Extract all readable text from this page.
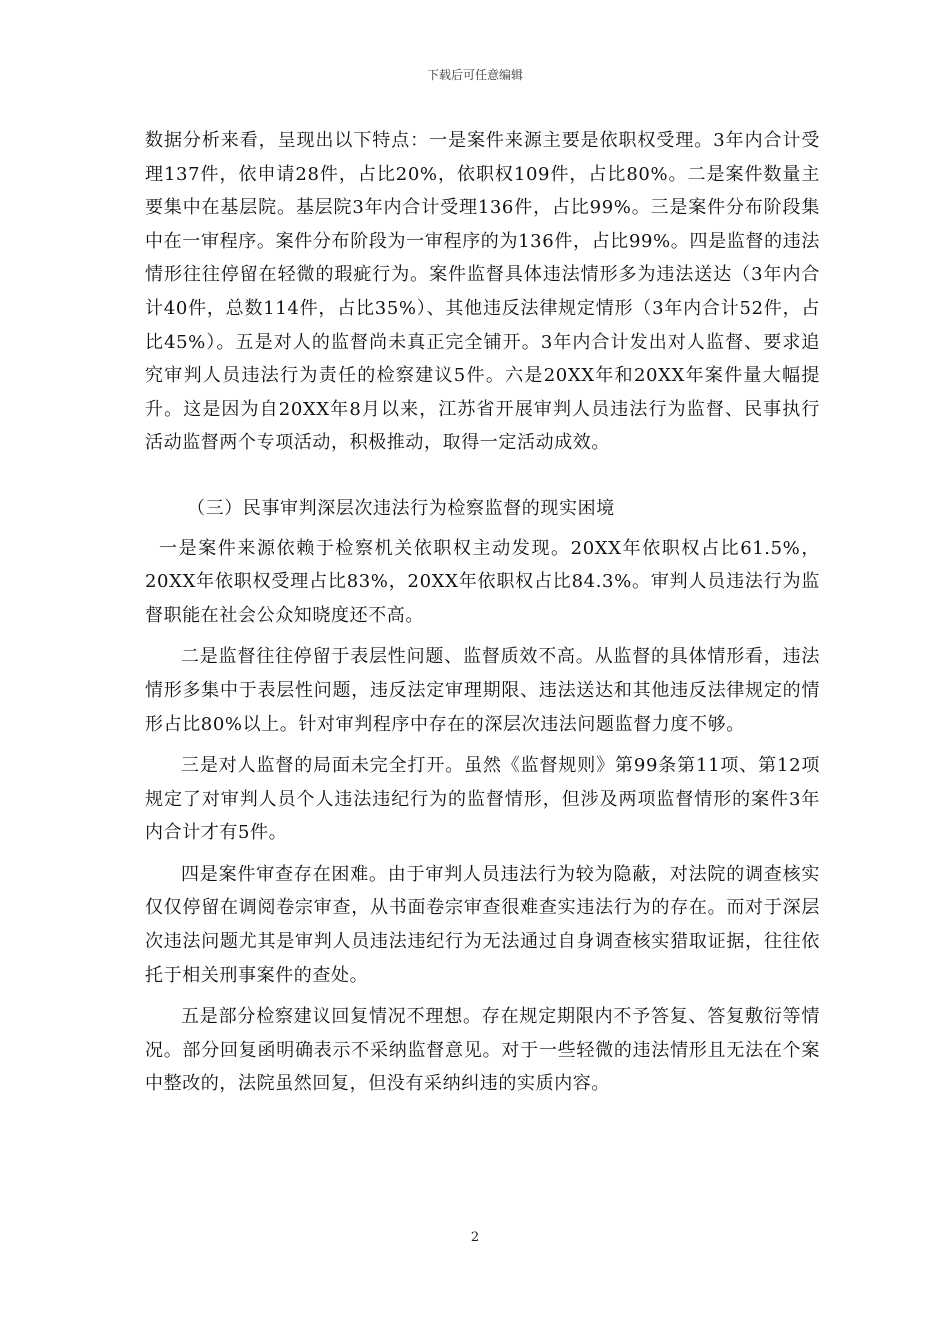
下载后可任意编辑

数据分析来看，呈现出以下特点：一是案件来源主要是依职权受理。3年内合计受理137件，依申请28件，占比20%，依职权109件，占比80%。二是案件数量主要集中在基层院。基层院3年内合计受理136件，占比99%。三是案件分布阶段集中在一审程序。案件分布阶段为一审程序的为136件，占比99%。四是监督的违法情形往往停留在轻微的瑕疵行为。案件监督具体违法情形多为违法送达（3年内合计40件，总数114件，占比35%）、其他违反法律规定情形（3年内合计52件，占比45%）。五是对人的监督尚未真正完全铺开。3年内合计发出对人监督、要求追究审判人员违法行为责任的检察建议5件。六是20XX年和20XX年案件量大幅提升。这是因为自20XX年8月以来，江苏省开展审判人员违法行为监督、民事执行活动监督两个专项活动，积极推动，取得一定活动成效。

（三）民事审判深层次违法行为检察监督的现实困境

一是案件来源依赖于检察机关依职权主动发现。20XX年依职权占比61.5%，20XX年依职权受理占比83%，20XX年依职权占比84.3%。审判人员违法行为监督职能在社会公众知晓度还不高。

二是监督往往停留于表层性问题、监督质效不高。从监督的具体情形看，违法情形多集中于表层性问题，违反法定审理期限、违法送达和其他违反法律规定的情形占比80%以上。针对审判程序中存在的深层次违法问题监督力度不够。

三是对人监督的局面未完全打开。虽然《监督规则》第99条第11项、第12项规定了对审判人员个人违法违纪行为的监督情形，但涉及两项监督情形的案件3年内合计才有5件。

四是案件审查存在困难。由于审判人员违法行为较为隐蔽，对法院的调查核实仅仅停留在调阅卷宗审查，从书面卷宗审查很难查实违法行为的存在。而对于深层次违法问题尤其是审判人员违法违纪行为无法通过自身调查核实猎取证据，往往依托于相关刑事案件的查处。

五是部分检察建议回复情况不理想。存在规定期限内不予答复、答复敷衍等情况。部分回复函明确表示不采纳监督意见。对于一些轻微的违法情形且无法在个案中整改的，法院虽然回复，但没有采纳纠违的实质内容。

2
